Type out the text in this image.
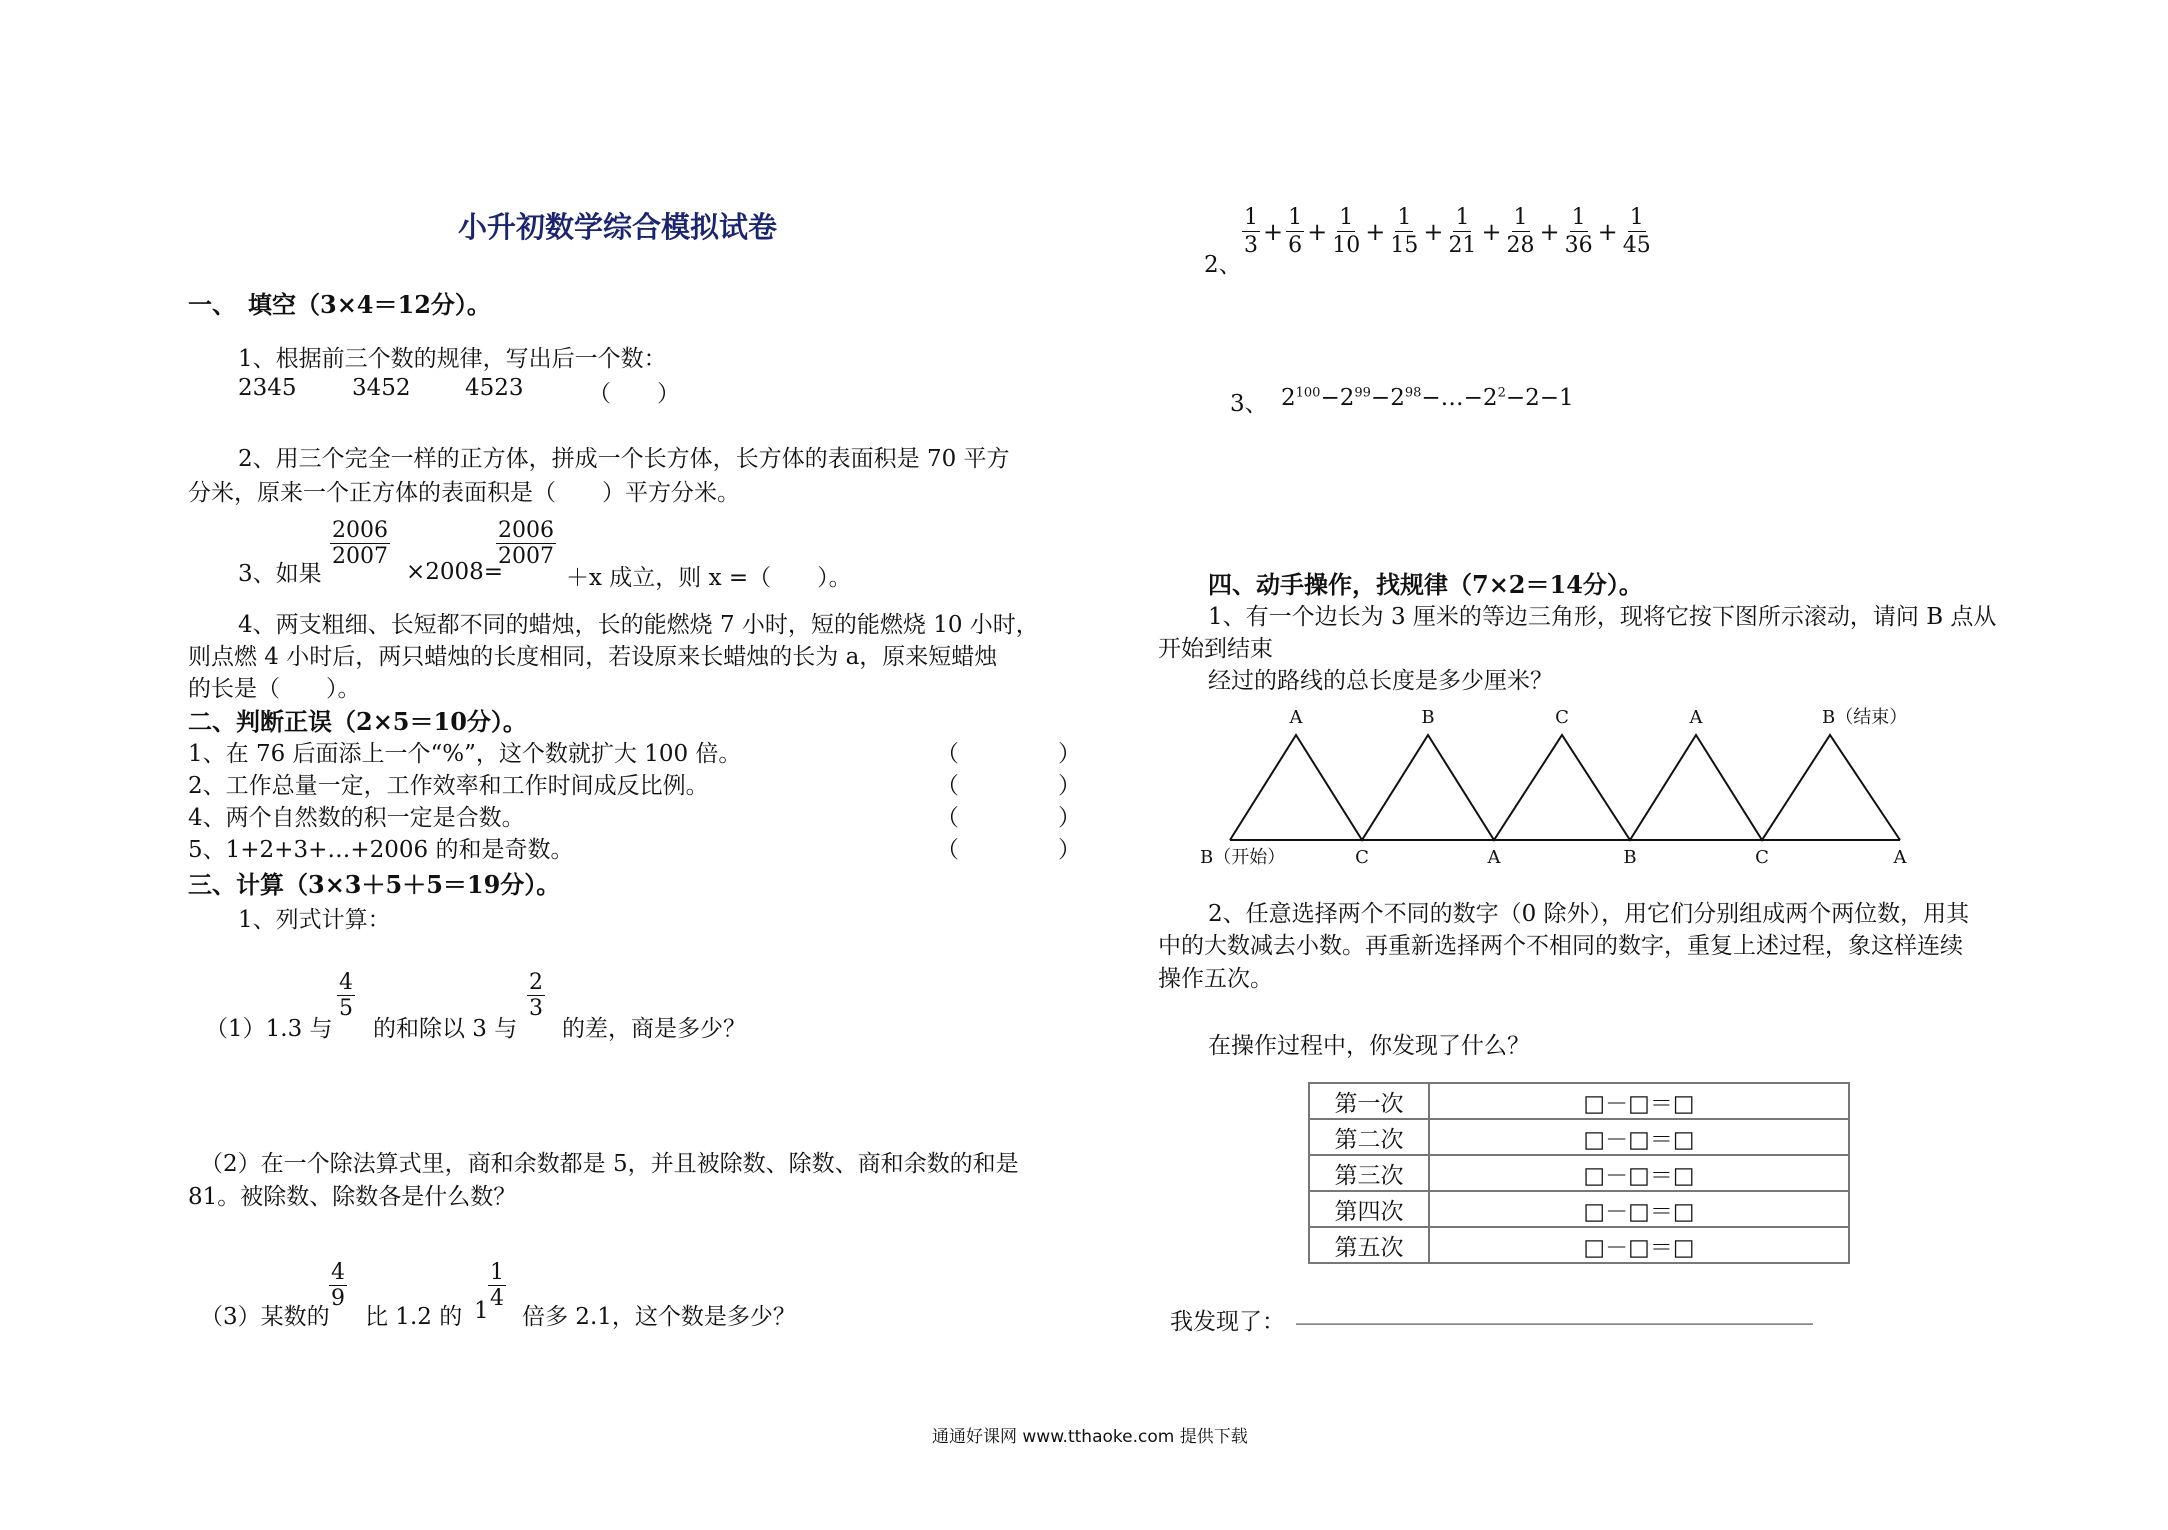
小升初数学综合模拟试卷
一、　填空（3×4＝12分）。
1、根据前三个数的规律，写出后一个数：
2345 3452 4523	（　　）
2、用三个完全一样的正方体，拼成一个长方体，长方体的表面积是 70 平方
分米，原来一个正方体的表面积是（　　）平方分米。
3、如果
$\frac{2006}{2007}$
×2008=
$\frac{2006}{2007}$
＋x 成立，则 x =（　　）。
4、两支粗细、长短都不同的蜡烛，长的能燃烧 7 小时，短的能燃烧 10 小时，
则点燃 4 小时后，两只蜡烛的长度相同，若设原来长蜡烛的长为 a，原来短蜡烛
的长是（　　）。
二、判断正误（2×5＝10分）。
1、在 76 后面添上一个“%”，这个数就扩大 100 倍。	（	）
2、工作总量一定，工作效率和工作时间成反比例。	（	）
4、两个自然数的积一定是合数。	（	）
5、1+2+3+…+2006 的和是奇数。	（	）
三、计算（3×3＋5＋5＝19分）。
1、列式计算：
（1）1.3 与
$\frac{4}{5}$
的和除以 3 与
$\frac{2}{3}$
的差，商是多少？
（2）在一个除法算式里，商和余数都是 5，并且被除数、除数、商和余数的和是
81。被除数、除数各是什么数？
（3）某数的
$\frac{4}{9}$
比 1.2 的 $1 \frac{1}{4}$
倍多 2.1，这个数是多少？
2、
$\frac{1}{3} + \frac{1}{6} + \frac{1}{10} + \frac{1}{15} + \frac{1}{21} + \frac{1}{28} + \frac{1}{36} + \frac{1}{45}$
3、 $2^{100}-2^{99}-2^{98}-\dots-2^2-2-1$
四、动手操作，找规律（7×2＝14分）。
1、有一个边长为 3 厘米的等边三角形，现将它按下图所示滚动，请问 B 点从
开始到结束
经过的路线的总长度是多少厘米？
A	B	C	A	B（结束）
B（开始）	C	A	B	C	A
2、任意选择两个不同的数字（0 除外），用它们分别组成两个两位数，用其
中的大数减去小数。再重新选择两个不相同的数字，重复上述过程，象这样连续
操作五次。
在操作过程中，你发现了什么？
第一次	□－□＝□
第二次	□－□＝□
第三次	□－□＝□
第四次	□－□＝□
第五次	□－□＝□
我发现了： _______________________________________________
通通好课网 www.tthaoke.com 提供下载
